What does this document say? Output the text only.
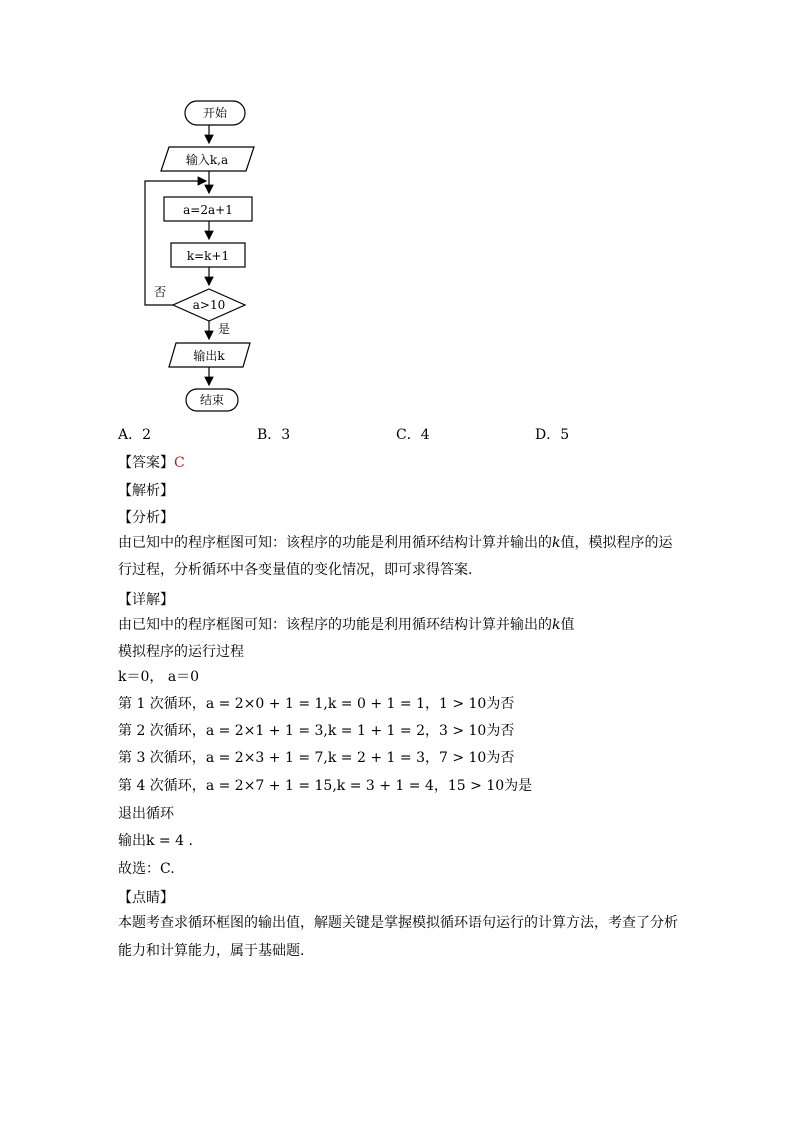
开始
输入k,a
a=2a+1
k=k+1
a>10
否
是
输出k
结束
A．2	B．3	C．4	D．5
【答案】C
【解析】
【分析】
由已知中的程序框图可知：该程序的功能是利用循环结构计算并输出的k值，模拟程序的运
行过程，分析循环中各变量值的变化情况，即可求得答案.
【详解】
由已知中的程序框图可知：该程序的功能是利用循环结构计算并输出的k值
模拟程序的运行过程
k＝0， a＝0
第 1 次循环，a = 2×0 + 1 = 1,k = 0 + 1 = 1，1 > 10为否
第 2 次循环，a = 2×1 + 1 = 3,k = 1 + 1 = 2，3 > 10为否
第 3 次循环，a = 2×3 + 1 = 7,k = 2 + 1 = 3，7 > 10为否
第 4 次循环，a = 2×7 + 1 = 15,k = 3 + 1 = 4，15 > 10为是
退出循环
输出k = 4 .
故选：C.
【点睛】
本题考查求循环框图的输出值，解题关键是掌握模拟循环语句运行的计算方法，考查了分析
能力和计算能力，属于基础题.
